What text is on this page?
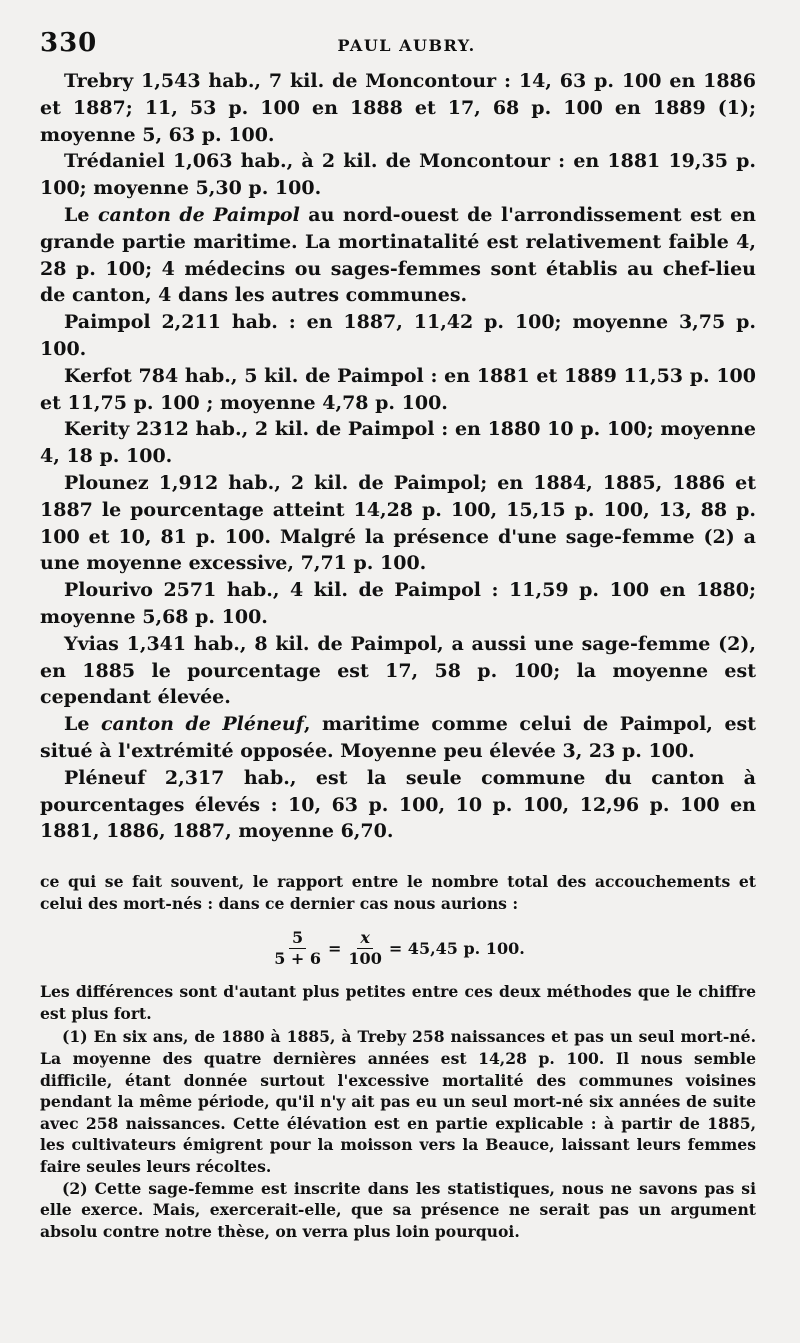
330	PAUL AUBRY.

Trebry 1,543 hab., 7 kil. de Moncontour : 14, 63 p. 100 en 1886 et 1887; 11, 53 p. 100 en 1888 et 17, 68 p. 100 en 1889 (1); moyenne 5, 63 p. 100.

Trédaniel 1,063 hab., à 2 kil. de Moncontour : en 1881 19,35 p. 100; moyenne 5,30 p. 100.

Le canton de Paimpol au nord-ouest de l'arrondissement est en grande partie maritime. La mortinatalité est relativement faible 4, 28 p. 100; 4 médecins ou sages-femmes sont établis au chef-lieu de canton, 4 dans les autres communes.

Paimpol 2,211 hab. : en 1887, 11,42 p. 100; moyenne 3,75 p. 100.

Kerfot 784 hab., 5 kil. de Paimpol : en 1881 et 1889 11,53 p. 100 et 11,75 p. 100 ; moyenne 4,78 p. 100.

Kerity 2312 hab., 2 kil. de Paimpol : en 1880 10 p. 100; moyenne 4, 18 p. 100.

Plounez 1,912 hab., 2 kil. de Paimpol; en 1884, 1885, 1886 et 1887 le pourcentage atteint 14,28 p. 100, 15,15 p. 100, 13, 88 p. 100 et 10, 81 p. 100. Malgré la présence d'une sage-femme (2) a une moyenne excessive, 7,71 p. 100.

Plourivo 2571 hab., 4 kil. de Paimpol : 11,59 p. 100 en 1880; moyenne 5,68 p. 100.

Yvias 1,341 hab., 8 kil. de Paimpol, a aussi une sage-femme (2), en 1885 le pourcentage est 17, 58 p. 100; la moyenne est cependant élevée.

Le canton de Pléneuf, maritime comme celui de Paimpol, est situé à l'extrémité opposée. Moyenne peu élevée 3, 23 p. 100.

Pléneuf 2,317 hab., est la seule commune du canton à pourcentages élevés : 10, 63 p. 100, 10 p. 100, 12,96 p. 100 en 1881, 1886, 1887, moyenne 6,70.

ce qui se fait souvent, le rapport entre le nombre total des accouchements et celui des mort-nés : dans ce dernier cas nous aurions :

$\frac{5}{5 + 6} = \frac{x}{100} = 45,45$ p. 100.

Les différences sont d'autant plus petites entre ces deux méthodes que le chiffre est plus fort.

(1) En six ans, de 1880 à 1885, à Treby 258 naissances et pas un seul mort-né. La moyenne des quatre dernières années est 14,28 p. 100. Il nous semble difficile, étant donnée surtout l'excessive mortalité des communes voisines pendant la même période, qu'il n'y ait pas eu un seul mort-né six années de suite avec 258 naissances. Cette élévation est en partie explicable : à partir de 1885, les cultivateurs émigrent pour la moisson vers la Beauce, laissant leurs femmes faire seules leurs récoltes.

(2) Cette sage-femme est inscrite dans les statistiques, nous ne savons pas si elle exerce. Mais, exercerait-elle, que sa présence ne serait pas un argument absolu contre notre thèse, on verra plus loin pourquoi.
